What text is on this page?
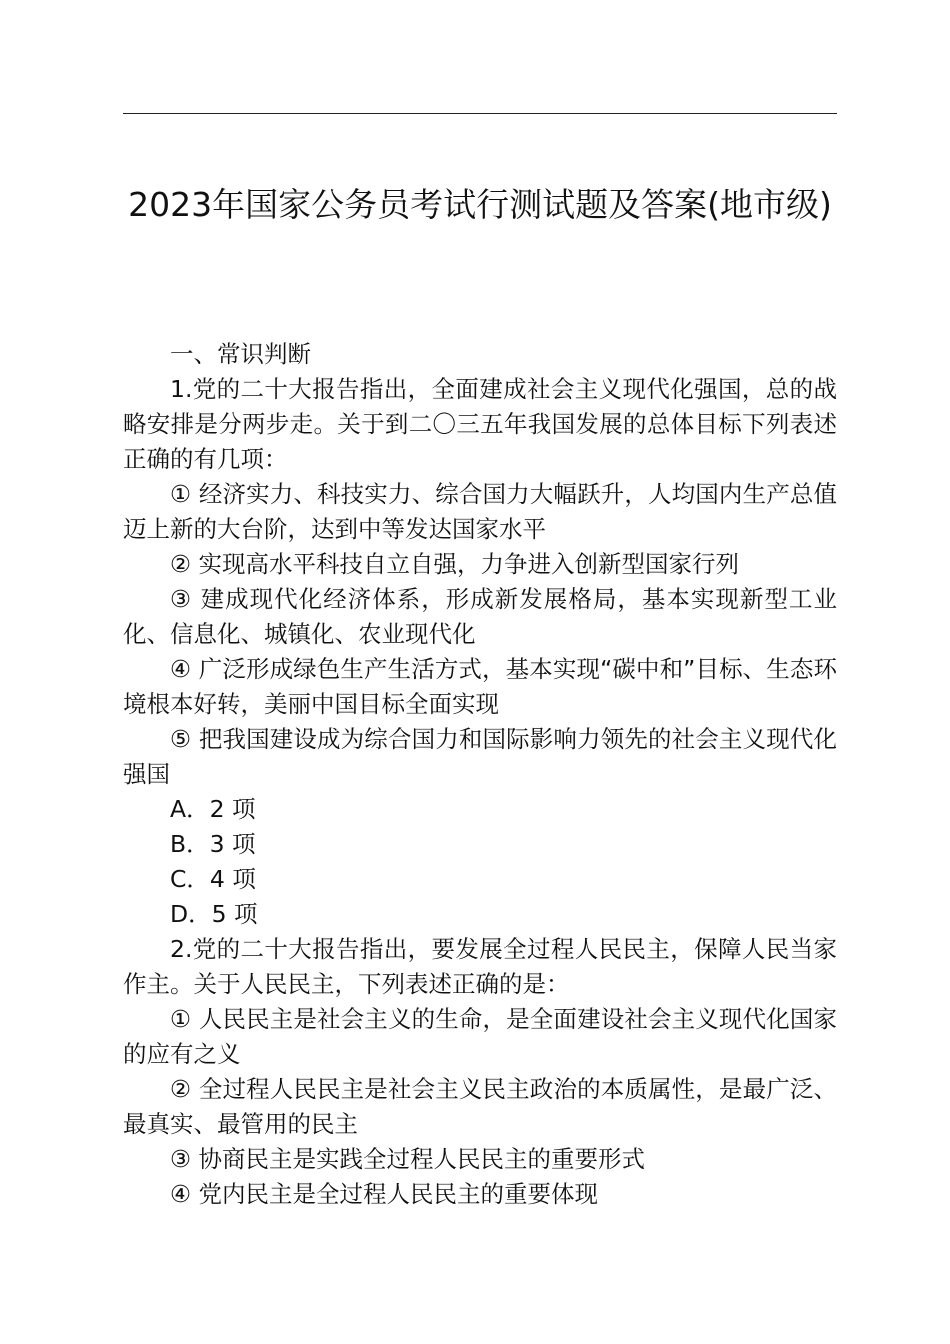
2023年国家公务员考试行测试题及答案(地市级)

一、常识判断

1.党的二十大报告指出，全面建成社会主义现代化强国，总的战略安排是分两步走。关于到二〇三五年我国发展的总体目标下列表述正确的有几项：

① 经济实力、科技实力、综合国力大幅跃升，人均国内生产总值迈上新的大台阶，达到中等发达国家水平

② 实现高水平科技自立自强，力争进入创新型国家行列

③ 建成现代化经济体系，形成新发展格局，基本实现新型工业化、信息化、城镇化、农业现代化

④ 广泛形成绿色生产生活方式，基本实现“碳中和”目标、生态环境根本好转，美丽中国目标全面实现

⑤ 把我国建设成为综合国力和国际影响力领先的社会主义现代化强国

A．2 项

B．3 项

C．4 项

D．5 项

2.党的二十大报告指出，要发展全过程人民民主，保障人民当家作主。关于人民民主，下列表述正确的是：

① 人民民主是社会主义的生命，是全面建设社会主义现代化国家的应有之义

② 全过程人民民主是社会主义民主政治的本质属性，是最广泛、最真实、最管用的民主

③ 协商民主是实践全过程人民民主的重要形式

④ 党内民主是全过程人民民主的重要体现
